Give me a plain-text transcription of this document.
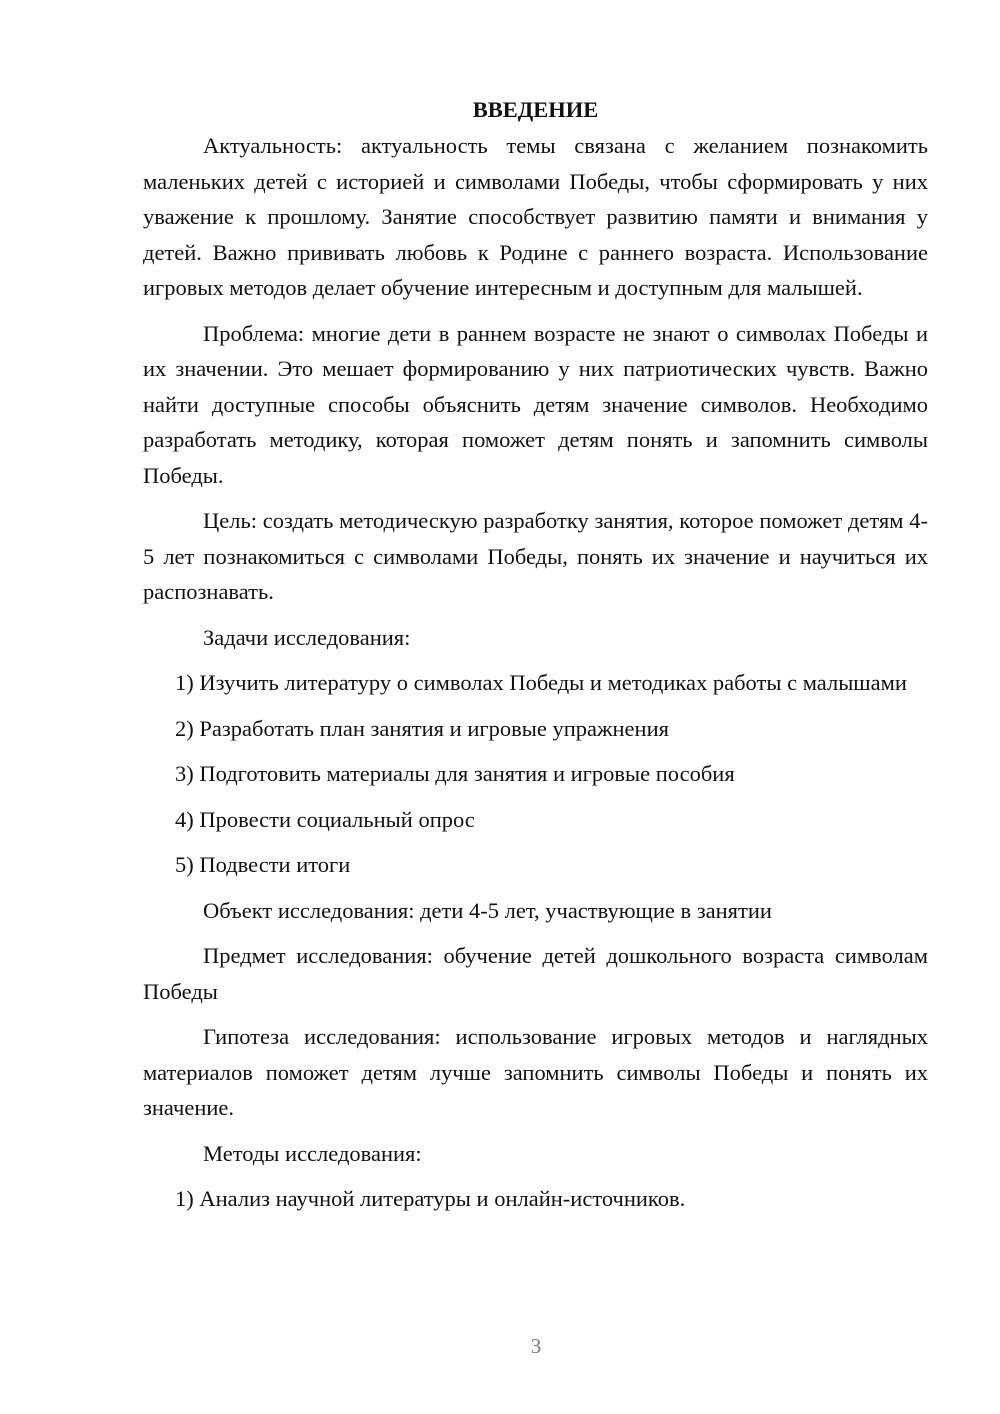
ВВЕДЕНИЕ

Актуальность: актуальность темы связана с желанием познакомить маленьких детей с историей и символами Победы, чтобы сформировать у них уважение к прошлому. Занятие способствует развитию памяти и внимания у детей. Важно прививать любовь к Родине с раннего возраста. Использование игровых методов делает обучение интересным и доступным для малышей.

Проблема: многие дети в раннем возрасте не знают о символах Победы и их значении. Это мешает формированию у них патриотических чувств. Важно найти доступные способы объяснить детям значение символов. Необходимо разработать методику, которая поможет детям понять и запомнить символы Победы.

Цель: создать методическую разработку занятия, которое поможет детям 4-5 лет познакомиться с символами Победы, понять их значение и научиться их распознавать.

Задачи исследования:

1) Изучить литературу о символах Победы и методиках работы с малышами

2) Разработать план занятия и игровые упражнения

3) Подготовить материалы для занятия и игровые пособия

4) Провести социальный опрос

5) Подвести итоги

Объект исследования: дети 4-5 лет, участвующие в занятии

Предмет исследования: обучение детей дошкольного возраста символам Победы

Гипотеза исследования: использование игровых методов и наглядных материалов поможет детям лучше запомнить символы Победы и понять их значение.

Методы исследования:

1) Анализ научной литературы и онлайн-источников.

3
